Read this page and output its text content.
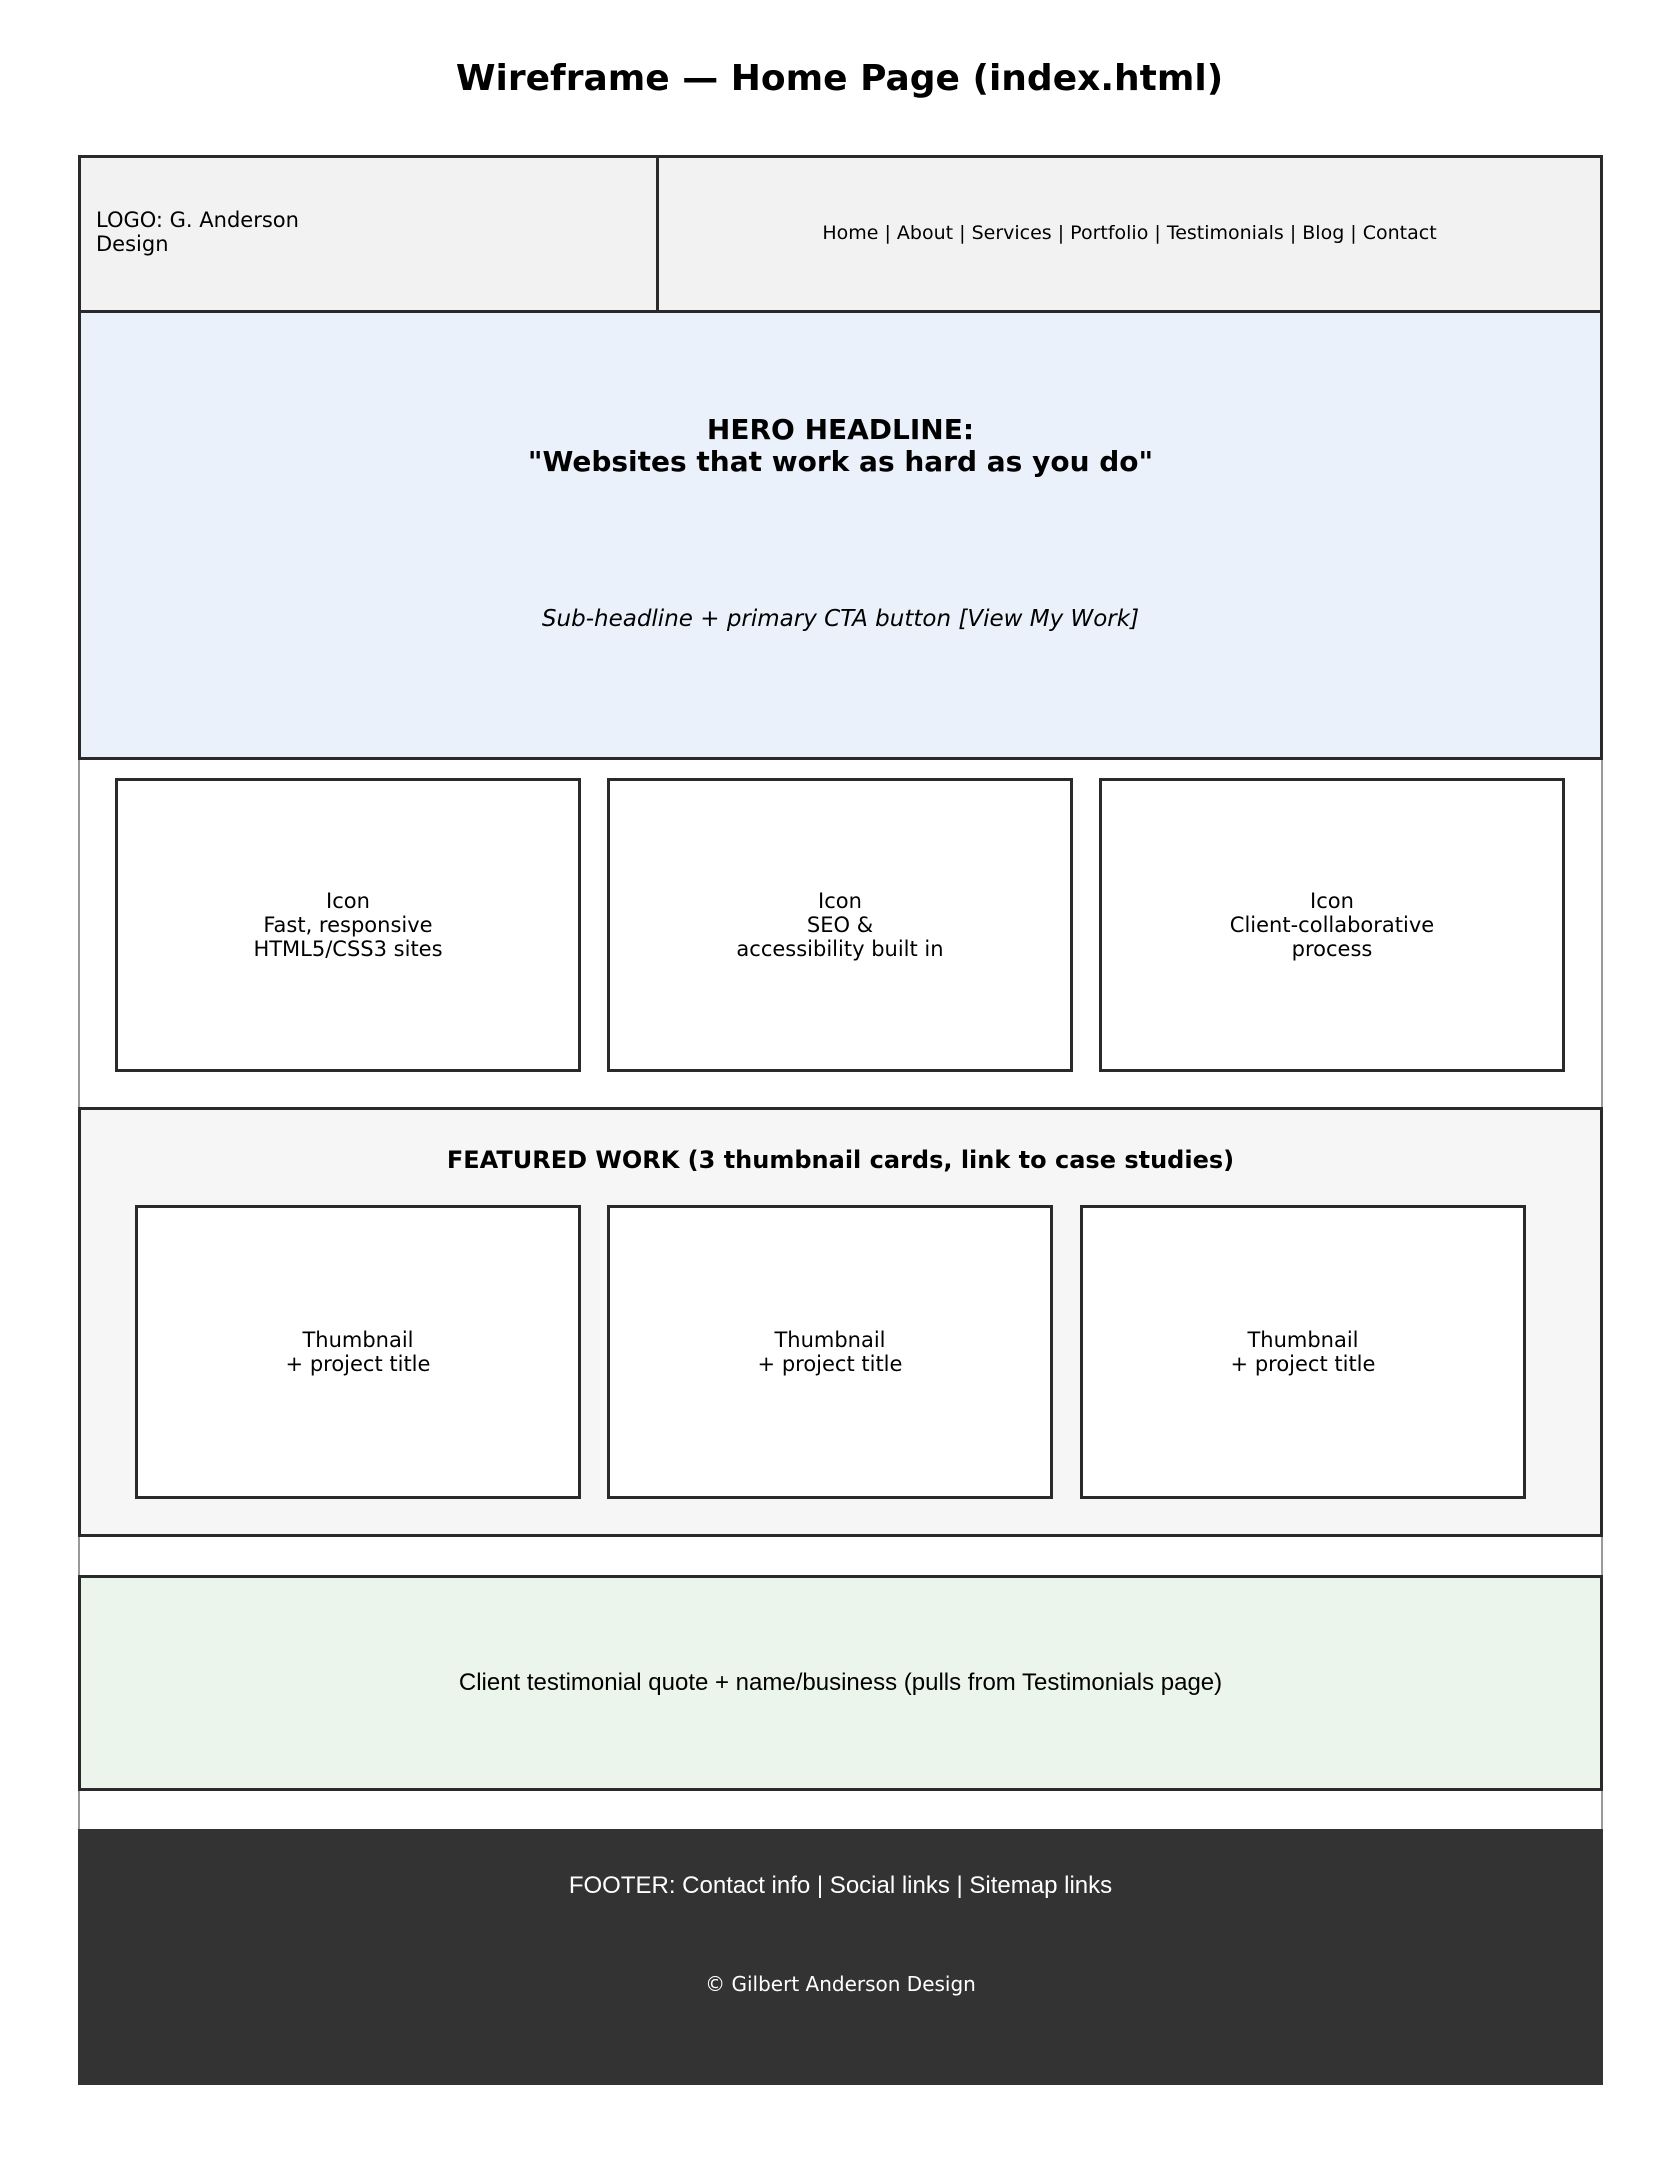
Wireframe — Home Page (index.html)
LOGO: G. Anderson
Design	Home | About | Services | Portfolio | Testimonials | Blog | Contact
HERO HEADLINE:
"Websites that work as hard as you do"
Sub-headline + primary CTA button [View My Work]
Icon
Fast, responsive
HTML5/CSS3 sites
Icon
SEO &
accessibility built in
Icon
Client-collaborative
process
FEATURED WORK (3 thumbnail cards, link to case studies)
Thumbnail
+ project title
Thumbnail
+ project title
Thumbnail
+ project title
Client testimonial quote + name/business (pulls from Testimonials page)
FOOTER: Contact info | Social links | Sitemap links
© Gilbert Anderson Design
